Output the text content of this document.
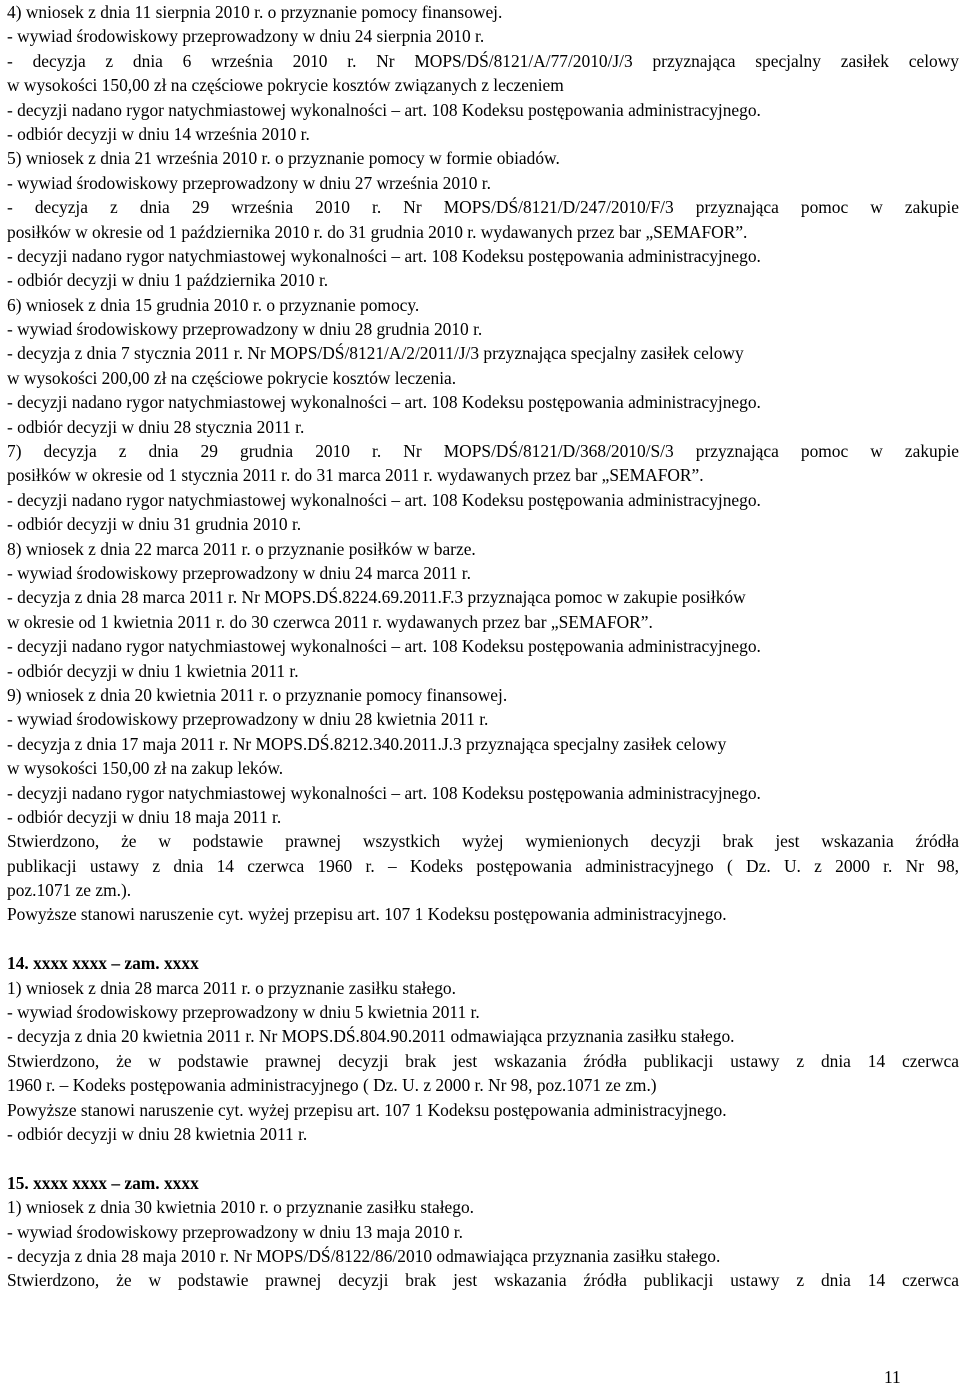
4) wniosek z dnia 11 sierpnia 2010 r. o przyznanie pomocy finansowej.
- wywiad środowiskowy przeprowadzony w dniu 24 sierpnia 2010 r.
- decyzja z dnia 6 września 2010 r. Nr MOPS/DŚ/8121/A/77/2010/J/3 przyznająca specjalny zasiłek celowy
w wysokości 150,00 zł na częściowe pokrycie kosztów związanych z leczeniem
- decyzji nadano rygor natychmiastowej wykonalności – art. 108 Kodeksu postępowania administracyjnego.
- odbiór decyzji w dniu 14 września 2010 r.
5) wniosek z dnia 21 września 2010 r. o przyznanie pomocy w formie obiadów.
- wywiad środowiskowy przeprowadzony w dniu 27 września 2010 r.
- decyzja z dnia 29 września 2010 r. Nr MOPS/DŚ/8121/D/247/2010/F/3 przyznająca pomoc w zakupie
posiłków w okresie od 1 października 2010 r. do 31 grudnia 2010 r. wydawanych przez bar „SEMAFOR”.
- decyzji nadano rygor natychmiastowej wykonalności – art. 108 Kodeksu postępowania administracyjnego.
- odbiór decyzji w dniu 1 października 2010 r.
6) wniosek z dnia 15 grudnia 2010 r. o przyznanie pomocy.
- wywiad środowiskowy przeprowadzony w dniu 28 grudnia 2010 r.
- decyzja z dnia 7 stycznia 2011 r. Nr MOPS/DŚ/8121/A/2/2011/J/3 przyznająca specjalny zasiłek celowy
w wysokości 200,00 zł na częściowe pokrycie kosztów leczenia.
- decyzji nadano rygor natychmiastowej wykonalności – art. 108 Kodeksu postępowania administracyjnego.
- odbiór decyzji w dniu 28 stycznia 2011 r.
7) decyzja z dnia 29 grudnia 2010 r. Nr MOPS/DŚ/8121/D/368/2010/S/3 przyznająca pomoc w zakupie
posiłków w okresie od 1 stycznia 2011 r. do 31 marca 2011 r. wydawanych przez bar „SEMAFOR”.
- decyzji nadano rygor natychmiastowej wykonalności – art. 108 Kodeksu postępowania administracyjnego.
- odbiór decyzji w dniu 31 grudnia 2010 r.
8) wniosek z dnia 22 marca 2011 r. o przyznanie posiłków w barze.
- wywiad środowiskowy przeprowadzony w dniu 24 marca 2011 r.
- decyzja z dnia 28 marca 2011 r. Nr MOPS.DŚ.8224.69.2011.F.3 przyznająca pomoc w zakupie posiłków
w okresie od 1 kwietnia 2011 r. do 30 czerwca 2011 r. wydawanych przez bar „SEMAFOR”.
- decyzji nadano rygor natychmiastowej wykonalności – art. 108 Kodeksu postępowania administracyjnego.
- odbiór decyzji w dniu 1 kwietnia 2011 r.
9) wniosek z dnia 20 kwietnia 2011 r. o przyznanie pomocy finansowej.
- wywiad środowiskowy przeprowadzony w dniu 28 kwietnia 2011 r.
- decyzja z dnia 17 maja 2011 r. Nr MOPS.DŚ.8212.340.2011.J.3 przyznająca specjalny zasiłek celowy
w wysokości 150,00 zł na zakup leków.
- decyzji nadano rygor natychmiastowej wykonalności – art. 108 Kodeksu postępowania administracyjnego.
- odbiór decyzji w dniu 18 maja 2011 r.
Stwierdzono, że w podstawie prawnej wszystkich wyżej wymienionych decyzji brak jest wskazania źródła
publikacji ustawy z dnia 14 czerwca 1960 r. – Kodeks postępowania administracyjnego ( Dz. U. z 2000 r. Nr 98,
poz.1071 ze zm.).
Powyższe stanowi naruszenie cyt. wyżej przepisu art. 107 1 Kodeksu postępowania administracyjnego.
14. xxxx xxxx – zam. xxxx
1) wniosek z dnia 28 marca 2011 r. o przyznanie zasiłku stałego.
- wywiad środowiskowy przeprowadzony w dniu 5 kwietnia 2011 r.
- decyzja z dnia 20 kwietnia 2011 r. Nr MOPS.DŚ.804.90.2011 odmawiająca przyznania zasiłku stałego.
Stwierdzono, że w podstawie prawnej decyzji brak jest wskazania źródła publikacji ustawy z dnia 14 czerwca
1960 r. – Kodeks postępowania administracyjnego ( Dz. U. z 2000 r. Nr 98, poz.1071 ze zm.)
Powyższe stanowi naruszenie cyt. wyżej przepisu art. 107 1 Kodeksu postępowania administracyjnego.
- odbiór decyzji w dniu 28 kwietnia 2011 r.
15. xxxx xxxx – zam. xxxx
1) wniosek z dnia 30 kwietnia 2010 r. o przyznanie zasiłku stałego.
- wywiad środowiskowy przeprowadzony w dniu 13 maja 2010 r.
- decyzja z dnia 28 maja 2010 r. Nr MOPS/DŚ/8122/86/2010 odmawiająca przyznania zasiłku stałego.
Stwierdzono, że w podstawie prawnej decyzji brak jest wskazania źródła publikacji ustawy z dnia 14 czerwca
11
